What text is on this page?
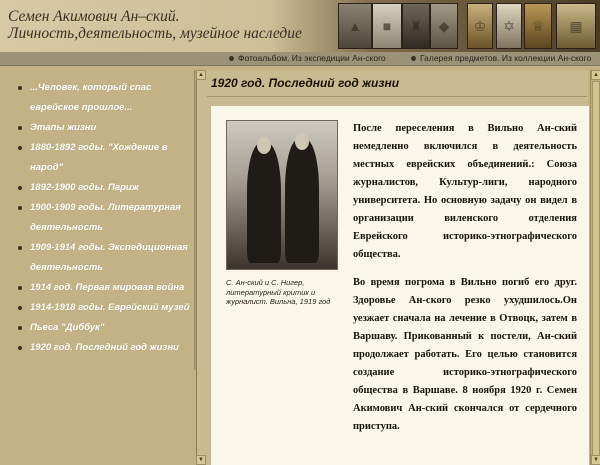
Семен Акимович Ан–ский.
Личность,деятельность, музейное наследие	▲	■	♜	◆	♔	✡	♕	▦
Фотоальбом. Из экспедиции Ан-ского	Галерея предметов. Из коллекции Ан-ского
...Человек, который спас еврейское прошлое...
Этапы жизни
1880-1892 годы. "Хождение в народ"
1892-1900 годы. Париж
1900-1909 годы. Литературная деятельность
1909-1914 годы. Экспедиционная деятельность
1914 год. Первая мировая война
1914-1918 годы. Еврейский музей
Пьеса "Диббук"
1920 год. Последний год жизни
1920 год. Последний год жизни
С. Ан-ский и С. Нигер, литературный критик и журналист. Вильна, 1919 год

После переселения в Вильно Ан-ский немедленно включился в деятельность местных еврейских объединений.: Союза журналистов, Культур-лиги, народного университета. Но основную задачу он видел в организации виленского отделения Еврейского историко-этнографического общества.

Во время погрома в Вильно погиб его друг. Здоровье Ан-ского резко ухудшилось.Он уезжает сначала на лечение в Отвоцк, затем в Варшаву. Прикованный к постели, Ан-ский продолжает работать. Его целью становится создание историко-этнографического общества в Варшаве. 8 ноября 1920 г. Семен Акимович Ан-ский скончался от сердечного приступа.

▲
▼
▲
▼
